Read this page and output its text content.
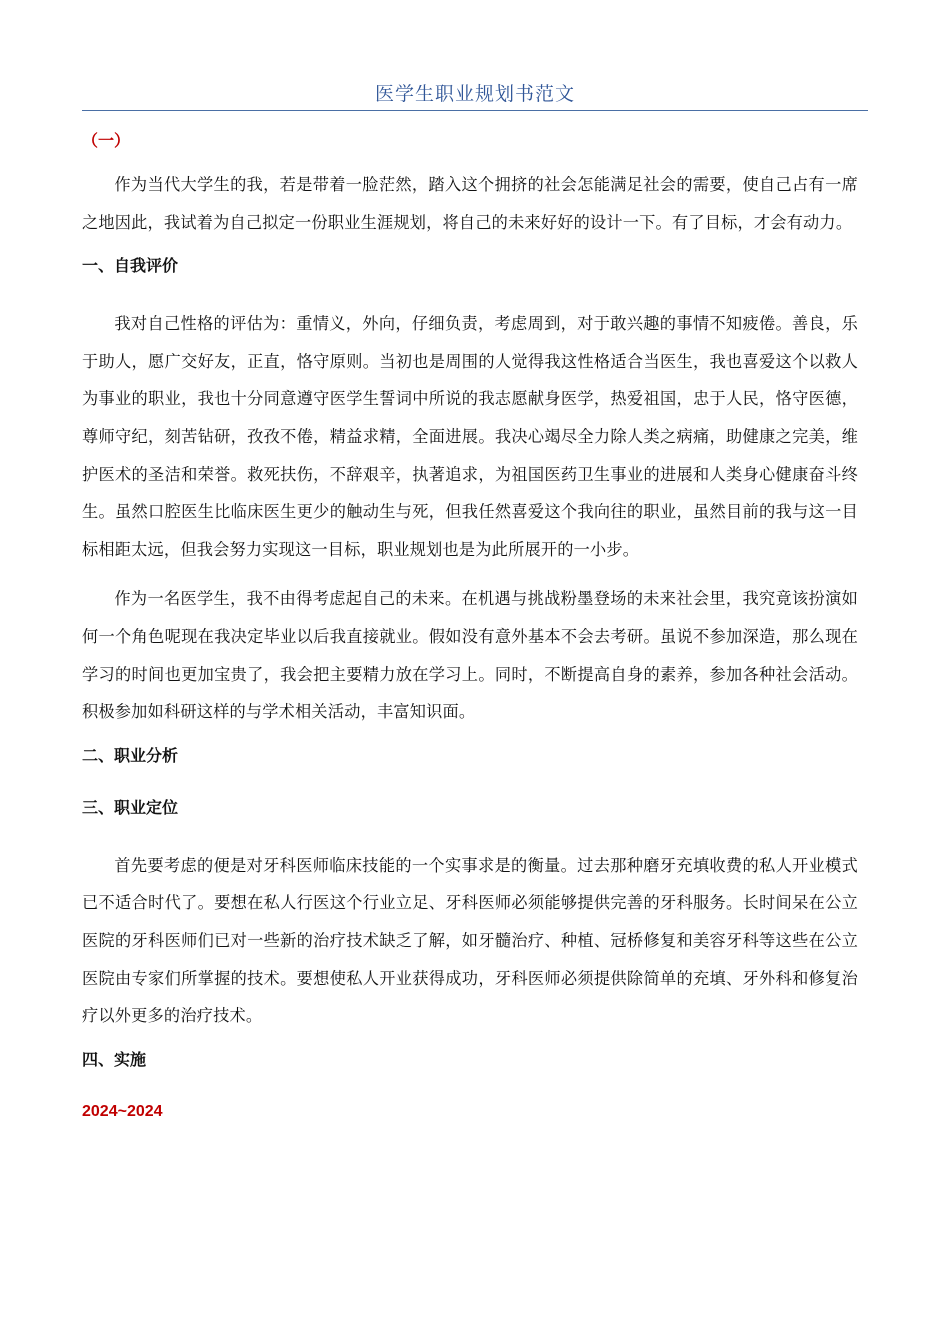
医学生职业规划书范文
（一）

作为当代大学生的我，若是带着一脸茫然，踏入这个拥挤的社会怎能满足社会的需要，使自己占有一席之地因此，我试着为自己拟定一份职业生涯规划，将自己的未来好好的设计一下。有了目标，才会有动力。

一、自我评价

我对自己性格的评估为：重情义，外向，仔细负责，考虑周到，对于敢兴趣的事情不知疲倦。善良，乐于助人，愿广交好友，正直，恪守原则。当初也是周围的人觉得我这性格适合当医生，我也喜爱这个以救人为事业的职业，我也十分同意遵守医学生誓词中所说的我志愿献身医学，热爱祖国，忠于人民，恪守医德，尊师守纪，刻苦钻研，孜孜不倦，精益求精，全面进展。我决心竭尽全力除人类之病痛，助健康之完美，维护医术的圣洁和荣誉。救死扶伤，不辞艰辛，执著追求，为祖国医药卫生事业的进展和人类身心健康奋斗终生。虽然口腔医生比临床医生更少的触动生与死，但我任然喜爱这个我向往的职业，虽然目前的我与这一目标相距太远，但我会努力实现这一目标，职业规划也是为此所展开的一小步。

作为一名医学生，我不由得考虑起自己的未来。在机遇与挑战粉墨登场的未来社会里，我究竟该扮演如何一个角色呢现在我决定毕业以后我直接就业。假如没有意外基本不会去考研。虽说不参加深造，那么现在学习的时间也更加宝贵了，我会把主要精力放在学习上。同时，不断提高自身的素养，参加各种社会活动。积极参加如科研这样的与学术相关活动，丰富知识面。

二、职业分析
三、职业定位

首先要考虑的便是对牙科医师临床技能的一个实事求是的衡量。过去那种磨牙充填收费的私人开业模式已不适合时代了。要想在私人行医这个行业立足、牙科医师必须能够提供完善的牙科服务。长时间呆在公立医院的牙科医师们已对一些新的治疗技术缺乏了解，如牙髓治疗、种植、冠桥修复和美容牙科等这些在公立医院由专家们所掌握的技术。要想使私人开业获得成功，牙科医师必须提供除简单的充填、牙外科和修复治疗以外更多的治疗技术。

四、实施
2024~2024
